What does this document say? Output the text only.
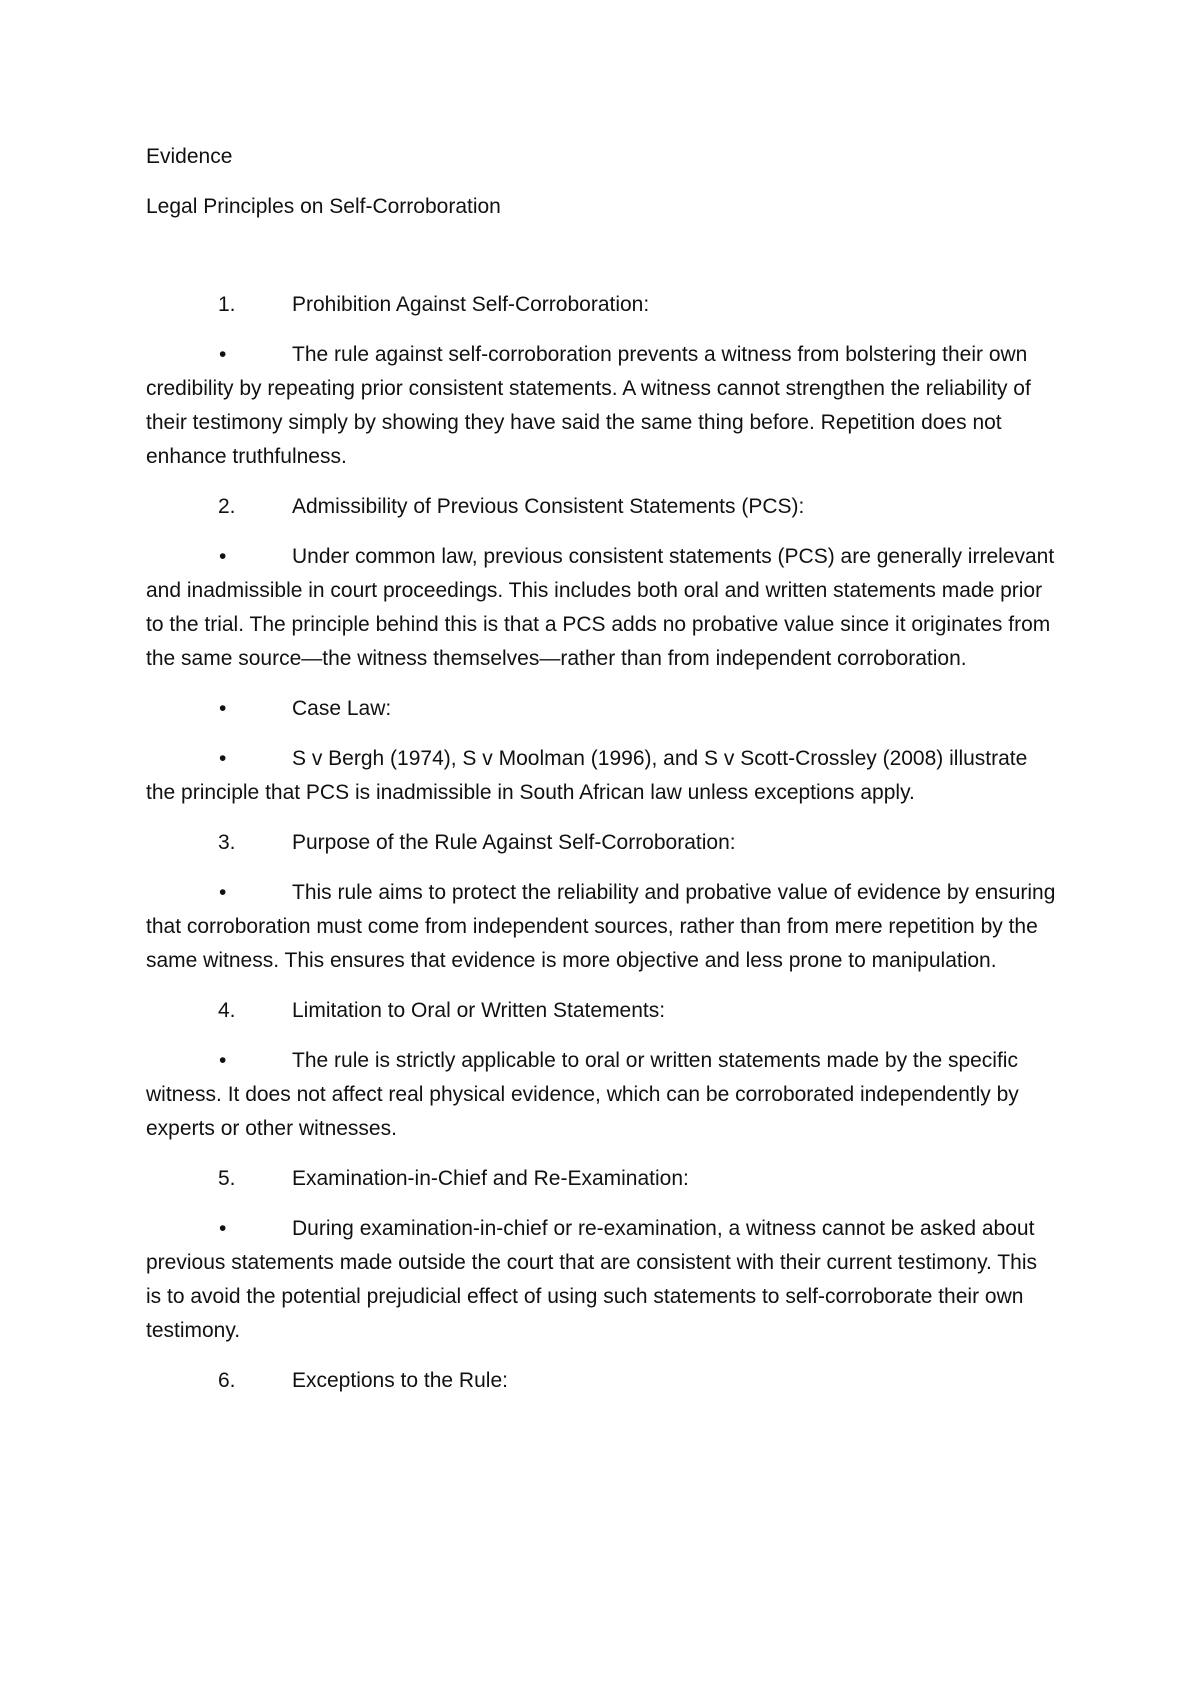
Evidence

Legal Principles on Self-Corroboration

1.	Prohibition Against Self-Corroboration:

•	The rule against self-corroboration prevents a witness from bolstering their own credibility by repeating prior consistent statements. A witness cannot strengthen the reliability of their testimony simply by showing they have said the same thing before. Repetition does not enhance truthfulness.

2.	Admissibility of Previous Consistent Statements (PCS):

•	Under common law, previous consistent statements (PCS) are generally irrelevant and inadmissible in court proceedings. This includes both oral and written statements made prior to the trial. The principle behind this is that a PCS adds no probative value since it originates from the same source—the witness themselves—rather than from independent corroboration.

•	Case Law:

•	S v Bergh (1974), S v Moolman (1996), and S v Scott-Crossley (2008) illustrate the principle that PCS is inadmissible in South African law unless exceptions apply.

3.	Purpose of the Rule Against Self-Corroboration:

•	This rule aims to protect the reliability and probative value of evidence by ensuring that corroboration must come from independent sources, rather than from mere repetition by the same witness. This ensures that evidence is more objective and less prone to manipulation.

4.	Limitation to Oral or Written Statements:

•	The rule is strictly applicable to oral or written statements made by the specific witness. It does not affect real physical evidence, which can be corroborated independently by experts or other witnesses.

5.	Examination-in-Chief and Re-Examination:

•	During examination-in-chief or re-examination, a witness cannot be asked about previous statements made outside the court that are consistent with their current testimony. This is to avoid the potential prejudicial effect of using such statements to self-corroborate their own testimony.

6.	Exceptions to the Rule:
